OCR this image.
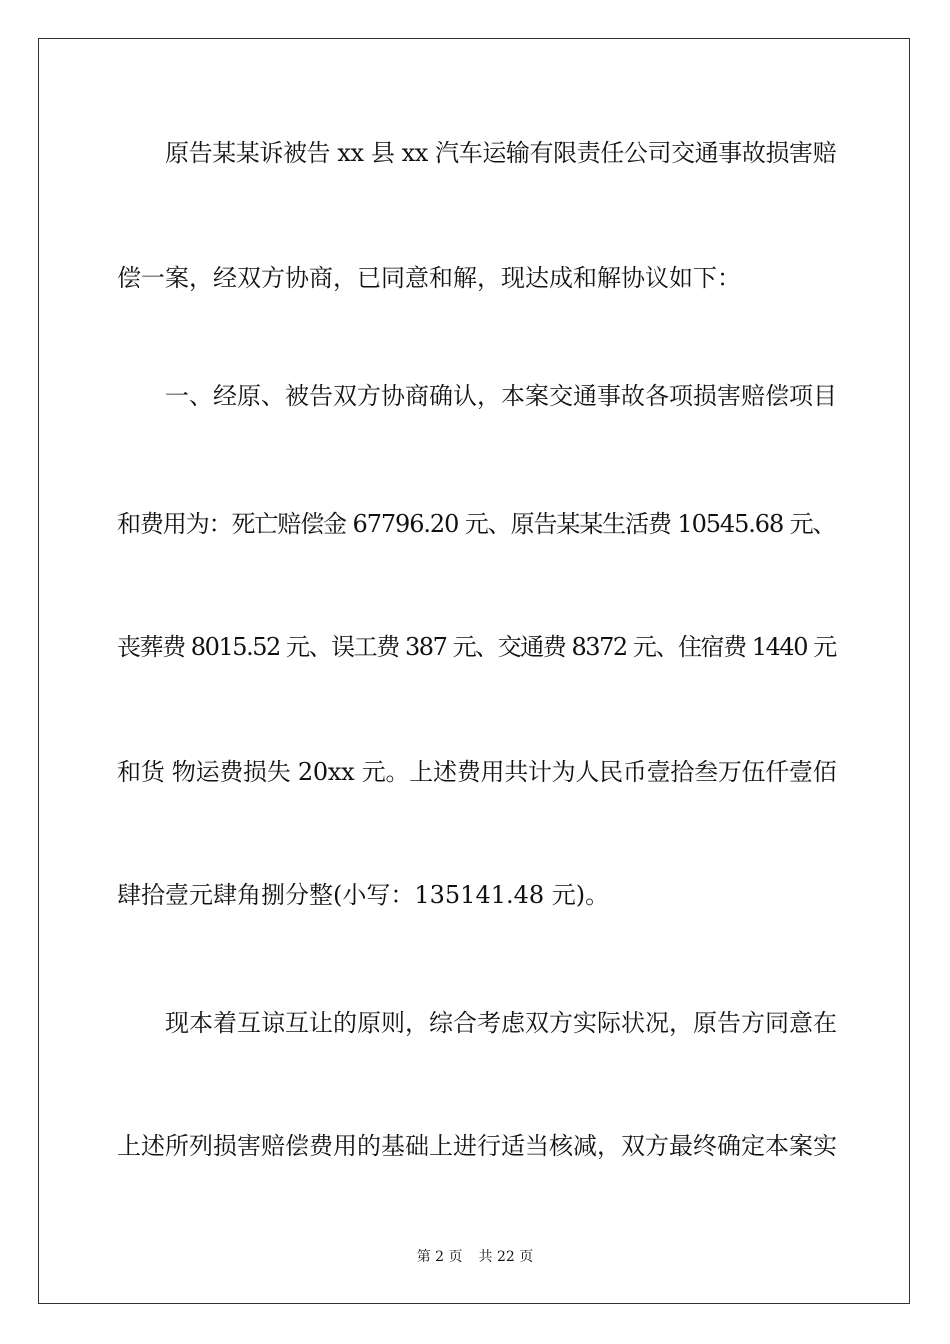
原告某某诉被告 xx 县 xx 汽车运输有限责任公司交通事故损害赔
偿一案，经双方协商，已同意和解，现达成和解协议如下：
一、经原、被告双方协商确认，本案交通事故各项损害赔偿项目
和费用为：死亡赔偿金 67796.20 元、原告某某生活费 10545.68 元、
丧葬费 8015.52 元、误工费 387 元、交通费 8372 元、住宿费 1440 元
和货 物运费损失 20xx 元。上述费用共计为人民币壹拾叁万伍仟壹佰
肆拾壹元肆角捌分整(小写：135141.48 元)。
现本着互谅互让的原则，综合考虑双方实际状况，原告方同意在
上述所列损害赔偿费用的基础上进行适当核减，双方最终确定本案实
第 2 页 共 22 页
